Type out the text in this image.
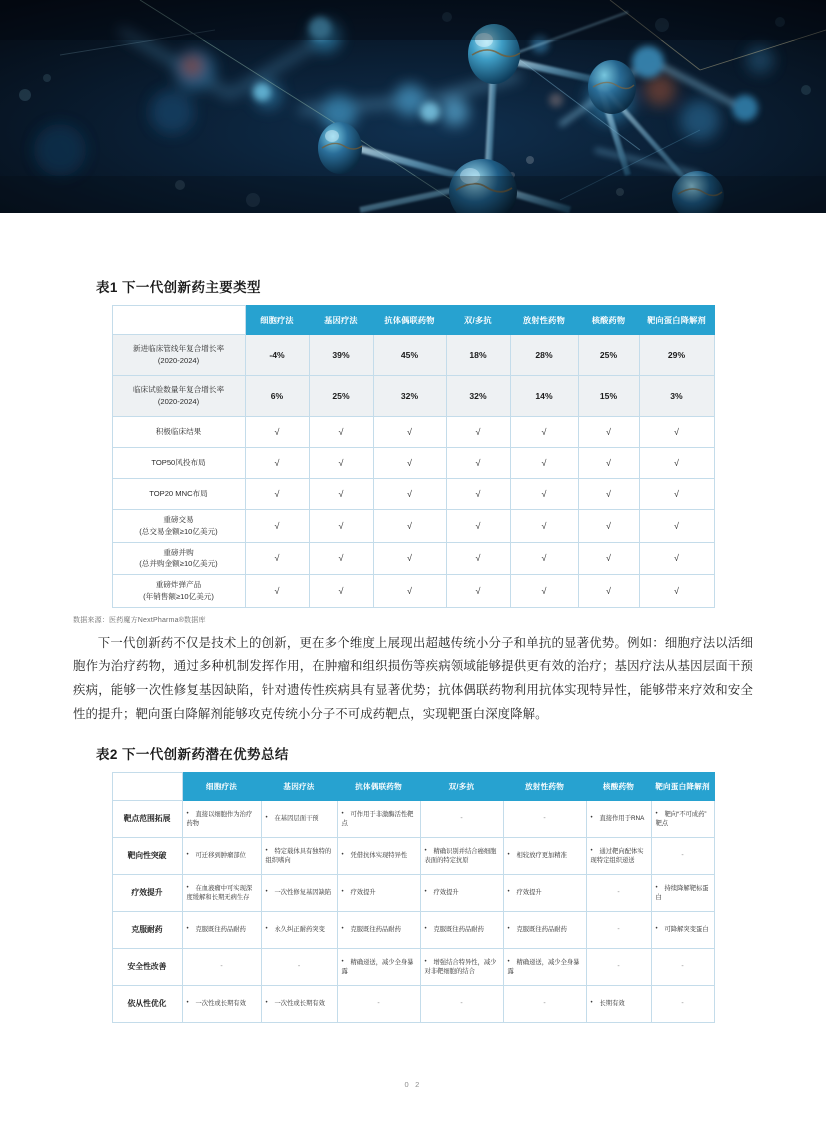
表1 下一代创新药主要类型
	细胞疗法	基因疗法	抗体偶联药物	双/多抗	放射性药物	核酸药物	靶向蛋白降解剂

新进临床管线年复合增长率
(2020-2024)	-4%	39%	45%	18%	28%	25%	29%

临床试验数量年复合增长率
(2020-2024)	6%	25%	32%	32%	14%	15%	3%

积极临床结果	√	√	√	√	√	√	√

TOP50风投布局	√	√	√	√	√	√	√

TOP20 MNC布局	√	√	√	√	√	√	√

重磅交易
(总交易金额≥10亿美元)	√	√	√	√	√	√	√

重磅并购
(总并购金额≥10亿美元)	√	√	√	√	√	√	√

重磅炸弹产品
(年销售额≥10亿美元)	√	√	√	√	√	√	√

数据来源：医药魔方NextPharma®数据库

下一代创新药不仅是技术上的创新，更在多个维度上展现出超越传统小分子和单抗的显著优势。例如：细胞疗法以活细胞作为治疗药物，通过多种机制发挥作用，在肿瘤和组织损伤等疾病领域能够提供更有效的治疗；基因疗法从基因层面干预疾病，能够一次性修复基因缺陷，针对遗传性疾病具有显著优势；抗体偶联药物利用抗体实现特异性，能够带来疗效和安全性的提升；靶向蛋白降解剂能够攻克传统小分子不可成药靶点，实现靶蛋白深度降解。

表2 下一代创新药潜在优势总结
	细胞疗法	基因疗法	抗体偶联药物	双/多抗	放射性药物	核酸药物	靶向蛋白降解剂
靶点范围拓展	• 直接以细胞作为治疗药物	• 在基因层面干预	• 可作用于非激酶活性靶点	-	-	• 直接作用于RNA	• 靶向“不可成药”靶点
靶向性突破	• 可迁移到肿瘤部位	• 特定载体具有独特的组织嗜向	• 凭借抗体实现特异性	• 精确识别并结合癌细胞表面的特定抗原	• 相较放疗更加精准	• 通过靶向配体实现特定组织递送	-
疗效提升	• 在血液瘤中可实现深度缓解和长期无病生存	• 一次性修复基因缺陷	• 疗效提升	• 疗效提升	• 疗效提升	-	• 持续降解靶标蛋白
克服耐药	• 克服既往药品耐药	• 永久纠正耐药突变	• 克服既往药品耐药	• 克服既往药品耐药	• 克服既往药品耐药	-	• 可降解突变蛋白
安全性改善	-	-	• 精确递送，减少全身暴露	• 增强结合特异性，减少对非靶细胞的结合	• 精确递送，减少全身暴露	-	-
依从性优化	• 一次性或长期有效	• 一次性或长期有效	-	-	-	• 长期有效	-
0 2
